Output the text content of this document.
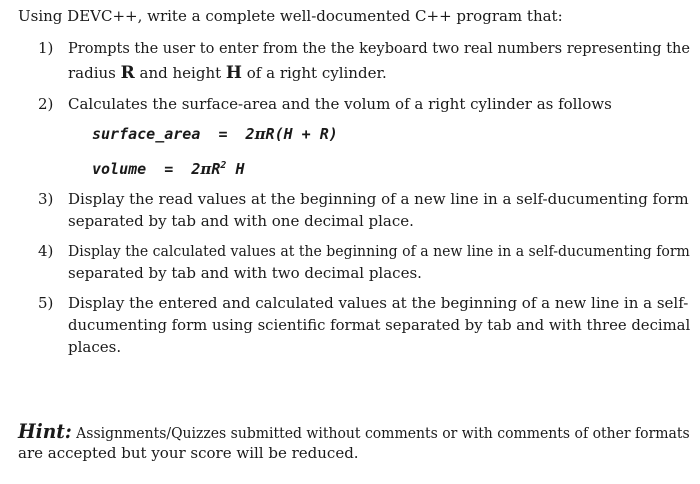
Using DEVC++, write a complete well-documented C++ program that:
1) Prompts the user to enter from the the keyboard two real numbers representing the
radius R and height H of a right cylinder.
2) Calculates the surface-area and the volum of a right cylinder as follows
surface_area = 2πR(H + R)
volume = $2\pi R^2$ H
3) Display the read values at the beginning of a new line in a self-ducumenting form
separated by tab and with one decimal place.
4) Display the calculated values at the beginning of a new line in a self-ducumenting form
separated by tab and with two decimal places.
5) Display the entered and calculated values at the beginning of a new line in a self-
ducumenting form using scientific format separated by tab and with three decimal
places.
Hint: Assignments/Quizzes submitted without comments or with comments of other formats
are accepted but your score will be reduced.
